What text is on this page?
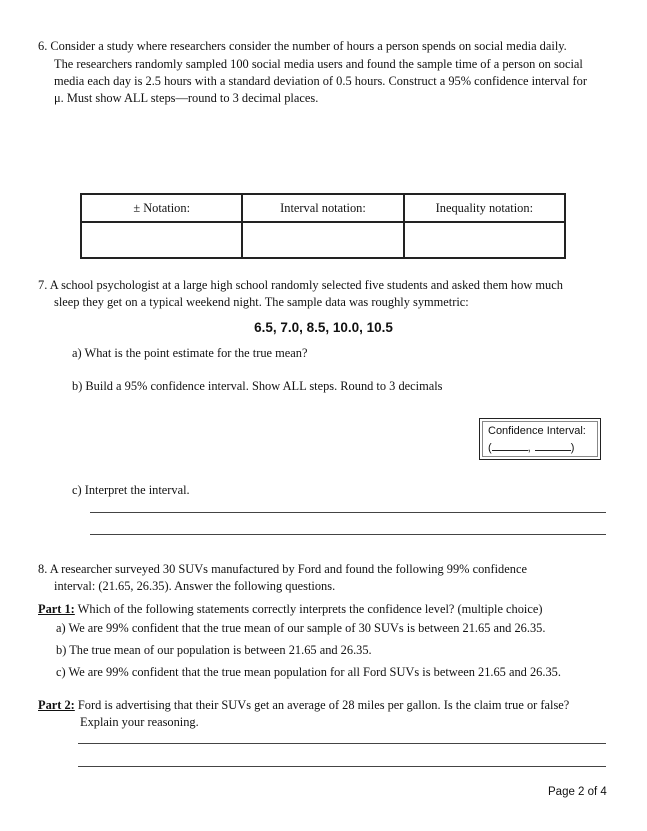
6. Consider a study where researchers consider the number of hours a person spends on social media daily.
The researchers randomly sampled 100 social media users and found the sample time of a person on social
media each day is 2.5 hours with a standard deviation of 0.5 hours. Construct a 95% confidence interval for
μ. Must show ALL steps—round to 3 decimal places.
± Notation:	Interval notation:	Inequality notation:

7. A school psychologist at a large high school randomly selected five students and asked them how much
sleep they get on a typical weekend night. The sample data was roughly symmetric:
6.5, 7.0, 8.5, 10.0, 10.5
a) What is the point estimate for the true mean?
b) Build a 95% confidence interval. Show ALL steps. Round to 3 decimals
Confidence Interval:
(	,	)
c) Interpret the interval.
8. A researcher surveyed 30 SUVs manufactured by Ford and found the following 99% confidence
interval: (21.65, 26.35). Answer the following questions.
Part 1: Which of the following statements correctly interprets the confidence level? (multiple choice)
a) We are 99% confident that the true mean of our sample of 30 SUVs is between 21.65 and 26.35.
b) The true mean of our population is between 21.65 and 26.35.
c) We are 99% confident that the true mean population for all Ford SUVs is between 21.65 and 26.35.
Part 2: Ford is advertising that their SUVs get an average of 28 miles per gallon. Is the claim true or false?
Explain your reasoning.
Page 2 of 4
